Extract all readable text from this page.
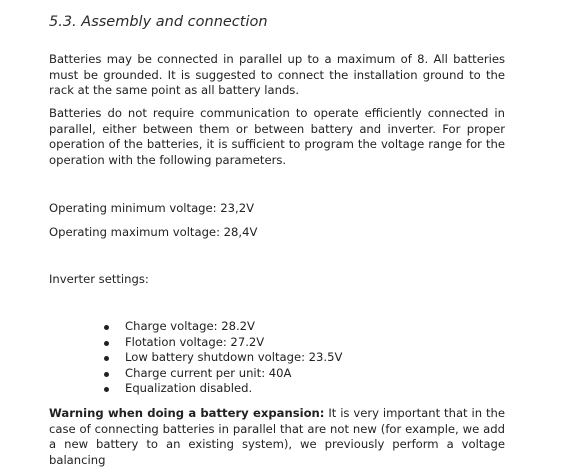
5.3. Assembly and connection

Batteries may be connected in parallel up to a maximum of 8. All batteries must be grounded. It is suggested to connect the installation ground to the rack at the same point as all battery lands.

Batteries do not require communication to operate efficiently connected in parallel, either between them or between battery and inverter. For proper operation of the batteries, it is sufficient to program the voltage range for the operation with the following parameters.

Operating minimum voltage: 23,2V

Operating maximum voltage: 28,4V

Inverter settings:

Charge voltage: 28.2V
Flotation voltage: 27.2V
Low battery shutdown voltage: 23.5V
Charge current per unit: 40A
Equalization disabled.

Warning when doing a battery expansion: It is very important that in the case of connecting batteries in parallel that are not new (for example, we add a new battery to an existing system), we previously perform a voltage balancing
